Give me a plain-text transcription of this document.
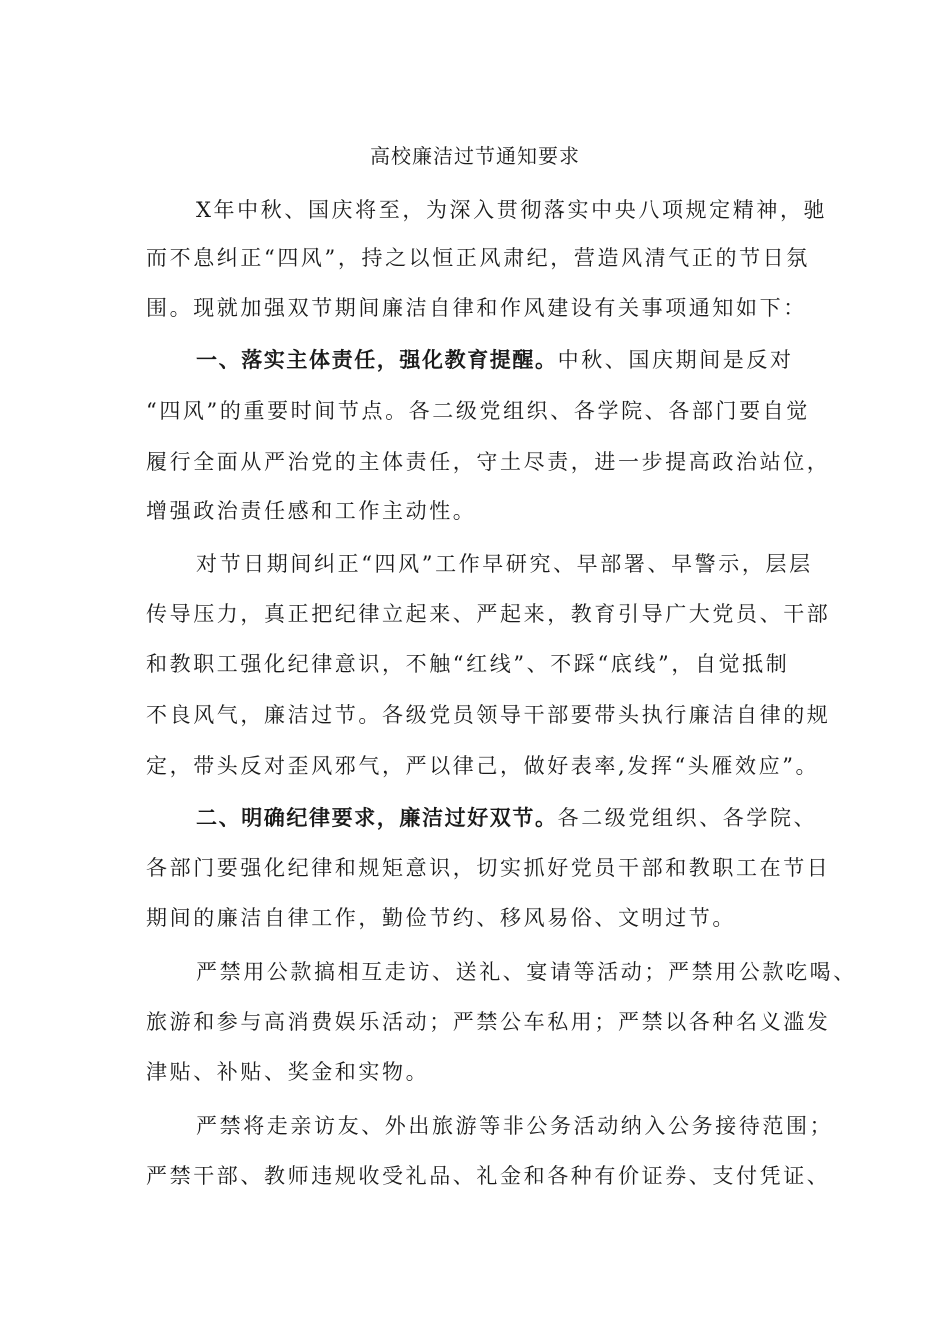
高校廉洁过节通知要求
X年中秋、国庆将至，为深入贯彻落实中央八项规定精神，驰
而不息纠正“四风”，持之以恒正风肃纪，营造风清气正的节日氛
围。现就加强双节期间廉洁自律和作风建设有关事项通知如下：
一、落实主体责任，强化教育提醒。中秋、国庆期间是反对
“四风”的重要时间节点。各二级党组织、各学院、各部门要自觉
履行全面从严治党的主体责任，守土尽责，进一步提高政治站位，
增强政治责任感和工作主动性。
对节日期间纠正“四风”工作早研究、早部署、早警示，层层
传导压力，真正把纪律立起来、严起来，教育引导广大党员、干部
和教职工强化纪律意识，不触“红线”、不踩“底线”，自觉抵制
不良风气，廉洁过节。各级党员领导干部要带头执行廉洁自律的规
定，带头反对歪风邪气，严以律己，做好表率,发挥“头雁效应”。
二、明确纪律要求，廉洁过好双节。各二级党组织、各学院、
各部门要强化纪律和规矩意识，切实抓好党员干部和教职工在节日
期间的廉洁自律工作，勤俭节约、移风易俗、文明过节。
严禁用公款搞相互走访、送礼、宴请等活动；严禁用公款吃喝、
旅游和参与高消费娱乐活动；严禁公车私用；严禁以各种名义滥发
津贴、补贴、奖金和实物。
严禁将走亲访友、外出旅游等非公务活动纳入公务接待范围；
严禁干部、教师违规收受礼品、礼金和各种有价证券、支付凭证、
